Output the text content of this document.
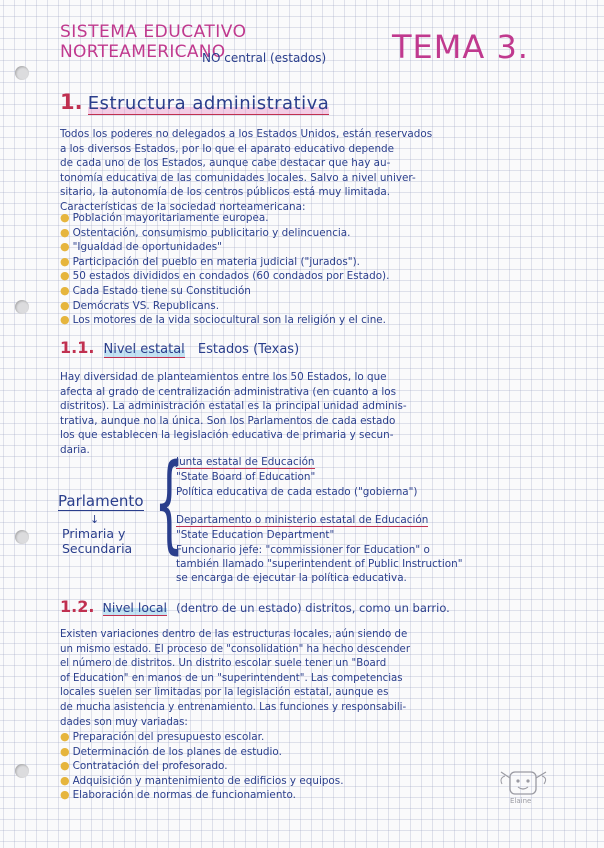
SISTEMA EDUCATIVO
NORTEAMERICANO
NO central (estados) TEMA 3.
1. Estructura administrativa
Todos los poderes no delegados a los Estados Unidos, están reservados
a los diversos Estados, por lo que el aparato educativo depende
de cada uno de los Estados, aunque cabe destacar que hay au-
tonomía educativa de las comunidades locales. Salvo a nivel univer-
sitario, la autonomía de los centros públicos está muy limitada.
Características de la sociedad norteamericana:
● Población mayoritariamente europea.
● Ostentación, consumismo publicitario y delincuencia.
● "Igualdad de oportunidades"
● Participación del pueblo en materia judicial ("jurados").
● 50 estados divididos en condados (60 condados por Estado).
● Cada Estado tiene su Constitución
● Demócrats VS. Republicans.
● Los motores de la vida sociocultural son la religión y el cine.
1.1. Nivel estatal Estados (Texas)
Hay diversidad de planteamientos entre los 50 Estados, lo que
afecta al grado de centralización administrativa (en cuanto a los
distritos). La administración estatal es la principal unidad adminis-
trativa, aunque no la única. Son los Parlamentos de cada estado
los que establecen la legislación educativa de primaria y secun-
daria.
Parlamento
↓
Primaria y
Secundaria {
Junta estatal de Educación
"State Board of Education"
Política educativa de cada estado ("gobierna")
Departamento o ministerio estatal de Educación
"State Education Department"
Funcionario jefe: "commissioner for Education" o
también llamado "superintendent of Public Instruction"
se encarga de ejecutar la política educativa.
1.2. Nivel local (dentro de un estado) distritos, como un barrio.
Existen variaciones dentro de las estructuras locales, aún siendo de
un mismo estado. El proceso de "consolidation" ha hecho descender
el número de distritos. Un distrito escolar suele tener un "Board
of Education" en manos de un "superintendent". Las competencias
locales suelen ser limitadas por la legislación estatal, aunque es
de mucha asistencia y entrenamiento. Las funciones y responsabili-
dades son muy variadas:
● Preparación del presupuesto escolar.
● Determinación de los planes de estudio.
● Contratación del profesorado.
● Adquisición y mantenimiento de edificios y equipos.
● Elaboración de normas de funcionamiento.	Elaine
